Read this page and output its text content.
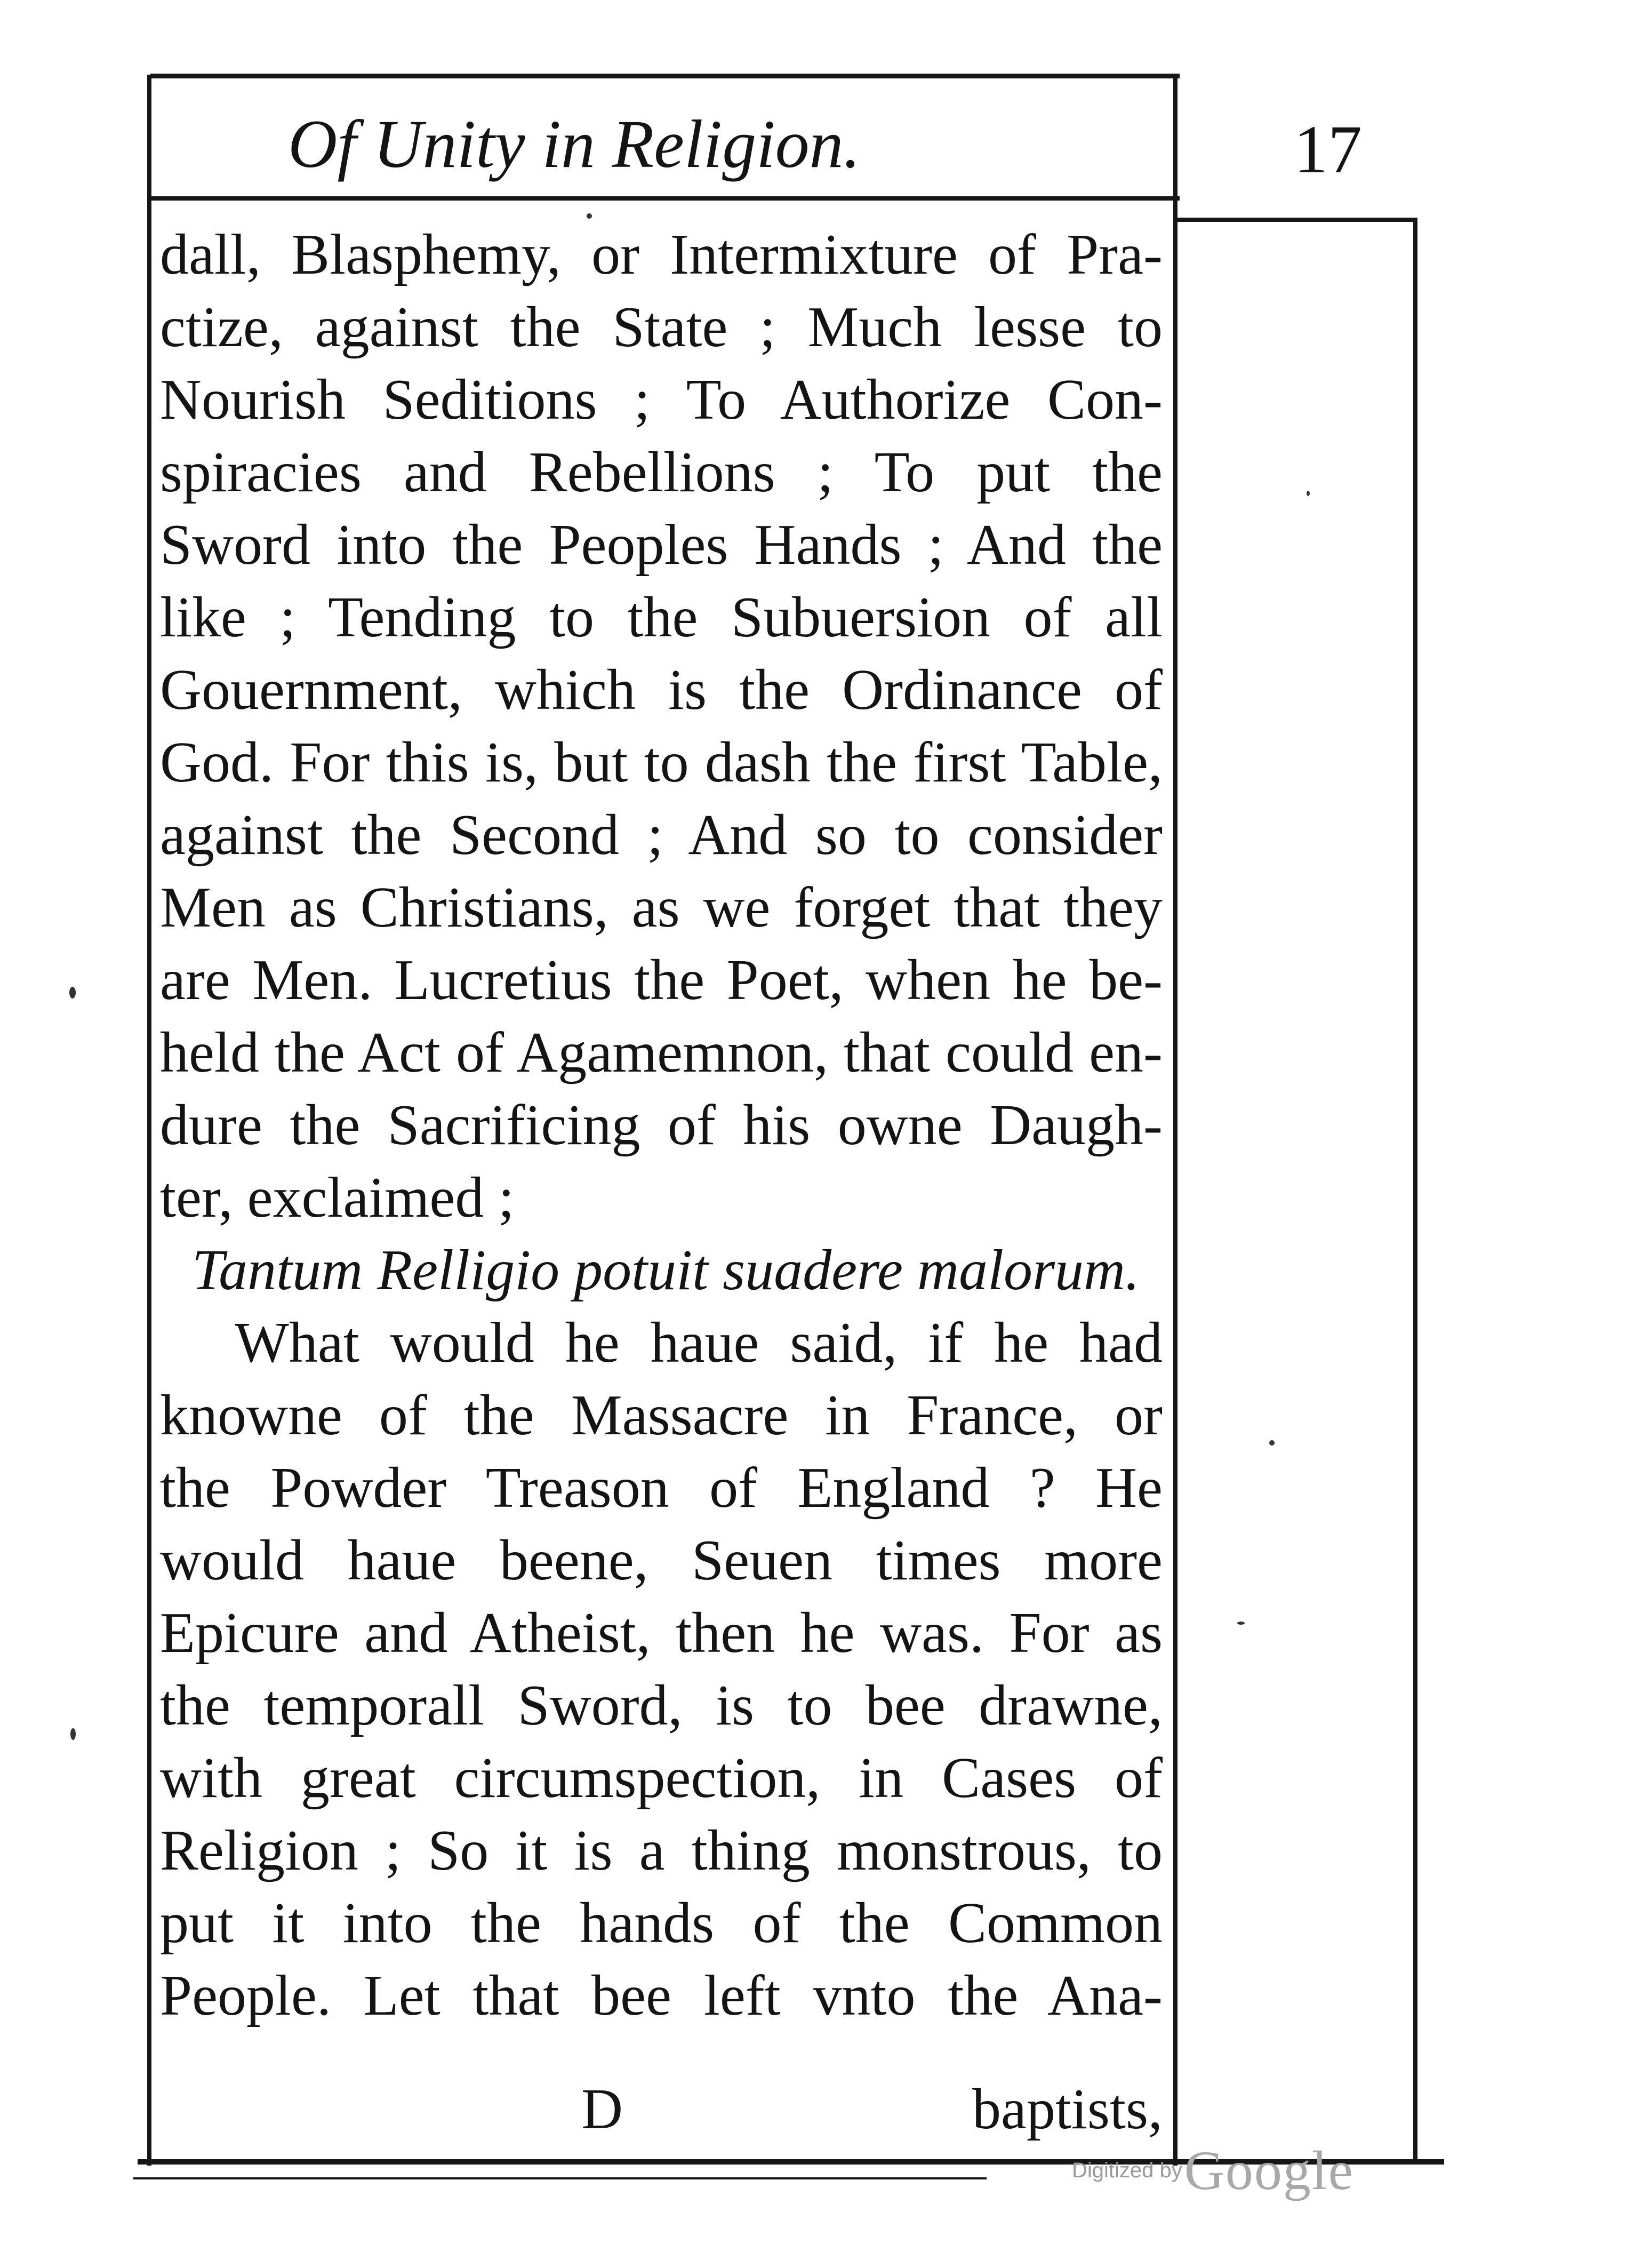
Of Unity in Religion.	17
dall, Blasphemy, or Intermixture of Pra-
ctize, against the State ; Much lesse to
Nourish Seditions ; To Authorize Con-
spiracies and Rebellions ; To put the
Sword into the Peoples Hands ; And the
like ; Tending to the Subuersion of all
Gouernment, which is the Ordinance of
God. For this is, but to dash the first Table,
against the Second ; And so to consider
Men as Christians, as we forget that they
are Men. Lucretius the Poet, when he be-
held the Act of Agamemnon, that could en-
dure the Sacrificing of his owne Daugh-
ter, exclaimed ;
Tantum Relligio potuit suadere malorum.
What would he haue said, if he had
knowne of the Massacre in France, or
the Powder Treason of England ? He
would haue beene, Seuen times more
Epicure and Atheist, then he was. For as
the temporall Sword, is to bee drawne,
with great circumspection, in Cases of
Religion ; So it is a thing monstrous, to
put it into the hands of the Common
People. Let that bee left vnto the Ana-
D	baptists,
Digitized by Google
